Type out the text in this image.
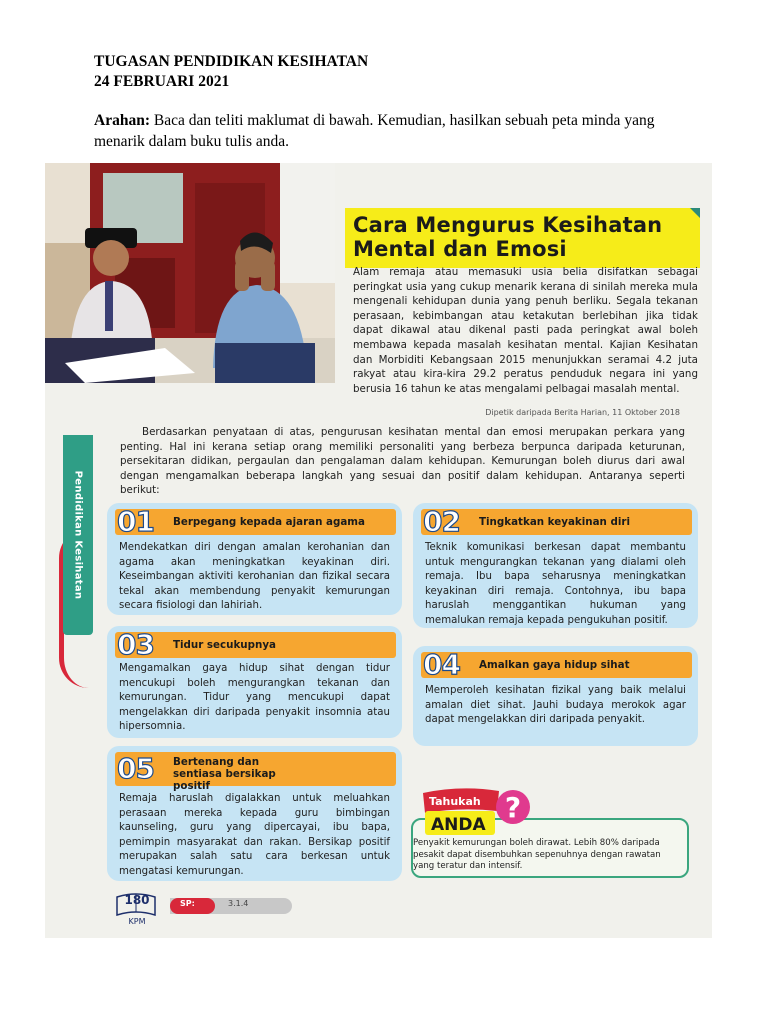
TUGASAN PENDIDIKAN KESIHATAN
24 FEBRUARI 2021
Arahan: Baca dan teliti maklumat di bawah. Kemudian, hasilkan sebuah peta minda yang menarik dalam buku tulis anda.
Cara Mengurus Kesihatan
Mental dan Emosi
Alam remaja atau memasuki usia belia disifatkan sebagai peringkat usia yang cukup menarik kerana di sinilah mereka mula mengenali kehidupan dunia yang penuh berliku. Segala tekanan perasaan, kebimbangan atau ketakutan berlebihan jika tidak dapat dikawal atau dikenal pasti pada peringkat awal boleh membawa kepada masalah kesihatan mental. Kajian Kesihatan dan Morbiditi Kebangsaan 2015 menunjukkan seramai 4.2 juta rakyat atau kira-kira 29.2 peratus penduduk negara ini yang berusia 16 tahun ke atas mengalami pelbagai masalah mental.
Dipetik daripada Berita Harian, 11 Oktober 2018
Berdasarkan penyataan di atas, pengurusan kesihatan mental dan emosi merupakan perkara yang penting. Hal ini kerana setiap orang memiliki personaliti yang berbeza berpunca daripada keturunan, persekitaran didikan, pergaulan dan pengalaman dalam kehidupan. Kemurungan boleh diurus dari awal dengan mengamalkan beberapa langkah yang sesuai dan positif dalam kehidupan. Antaranya seperti berikut:
Pendidikan Kesihatan 01 Berpegang kepada ajaran agama
Mendekatkan diri dengan amalan kerohanian dan agama akan meningkatkan keyakinan diri. Keseimbangan aktiviti kerohanian dan fizikal secara tekal akan membendung penyakit kemurungan secara fisiologi dan lahiriah.
02 Tingkatkan keyakinan diri
Teknik komunikasi berkesan dapat membantu untuk mengurangkan tekanan yang dialami oleh remaja. Ibu bapa seharusnya meningkatkan keyakinan diri remaja. Contohnya, ibu bapa haruslah menggantikan hukuman yang memalukan remaja kepada pengukuhan positif.
03 Tidur secukupnya
Mengamalkan gaya hidup sihat dengan tidur mencukupi boleh mengurangkan tekanan dan kemurungan. Tidur yang mencukupi dapat mengelakkan diri daripada penyakit insomnia atau hipersomnia.
04 Amalkan gaya hidup sihat
Memperoleh kesihatan fizikal yang baik melalui amalan diet sihat. Jauhi budaya merokok agar dapat mengelakkan diri daripada penyakit.
05 Bertenang dan sentiasa bersikap positif
Remaja haruslah digalakkan untuk meluahkan perasaan mereka kepada guru bimbingan kaunseling, guru yang dipercayai, ibu bapa, pemimpin masyarakat dan rakan. Bersikap positif merupakan salah satu cara berkesan untuk mengatasi kemurungan.
?
Tahukah
ANDA
Penyakit kemurungan boleh dirawat. Lebih 80% daripada pesakit dapat disembuhkan sepenuhnya dengan rawatan yang teratur dan intensif.
180
KPM
SP:	3.1.4
